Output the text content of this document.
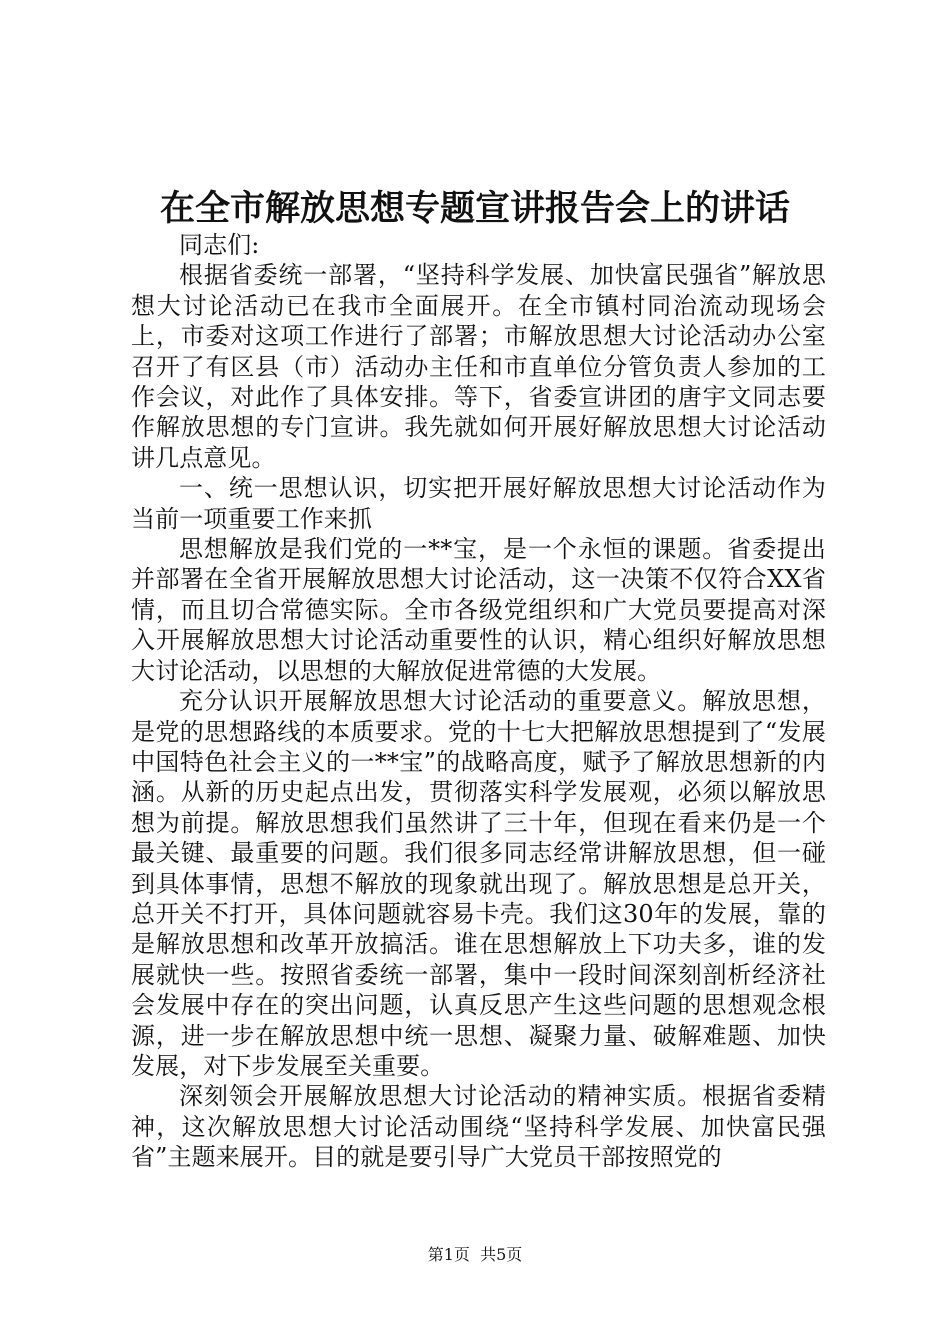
在全市解放思想专题宣讲报告会上的讲话

同志们:

根据省委统一部署，“坚持科学发展、加快富民强省”解放思想大讨论活动已在我市全面展开。在全市镇村同治流动现场会上，市委对这项工作进行了部署；市解放思想大讨论活动办公室召开了有区县（市）活动办主任和市直单位分管负责人参加的工作会议，对此作了具体安排。等下，省委宣讲团的唐宇文同志要作解放思想的专门宣讲。我先就如何开展好解放思想大讨论活动讲几点意见。

一、统一思想认识，切实把开展好解放思想大讨论活动作为当前一项重要工作来抓

思想解放是我们党的一**宝，是一个永恒的课题。省委提出并部署在全省开展解放思想大讨论活动，这一决策不仅符合XX省情，而且切合常德实际。全市各级党组织和广大党员要提高对深入开展解放思想大讨论活动重要性的认识，精心组织好解放思想大讨论活动，以思想的大解放促进常德的大发展。

充分认识开展解放思想大讨论活动的重要意义。解放思想，是党的思想路线的本质要求。党的十七大把解放思想提到了“发展中国特色社会主义的一**宝”的战略高度，赋予了解放思想新的内涵。从新的历史起点出发，贯彻落实科学发展观，必须以解放思想为前提。解放思想我们虽然讲了三十年，但现在看来仍是一个最关键、最重要的问题。我们很多同志经常讲解放思想，但一碰到具体事情，思想不解放的现象就出现了。解放思想是总开关，总开关不打开，具体问题就容易卡壳。我们这30年的发展，靠的是解放思想和改革开放搞活。谁在思想解放上下功夫多，谁的发展就快一些。按照省委统一部署，集中一段时间深刻剖析经济社会发展中存在的突出问题，认真反思产生这些问题的思想观念根源，进一步在解放思想中统一思想、凝聚力量、破解难题、加快发展，对下步发展至关重要。

深刻领会开展解放思想大讨论活动的精神实质。根据省委精神，这次解放思想大讨论活动围绕“坚持科学发展、加快富民强省”主题来展开。目的就是要引导广大党员干部按照党的

第1页  共5页
